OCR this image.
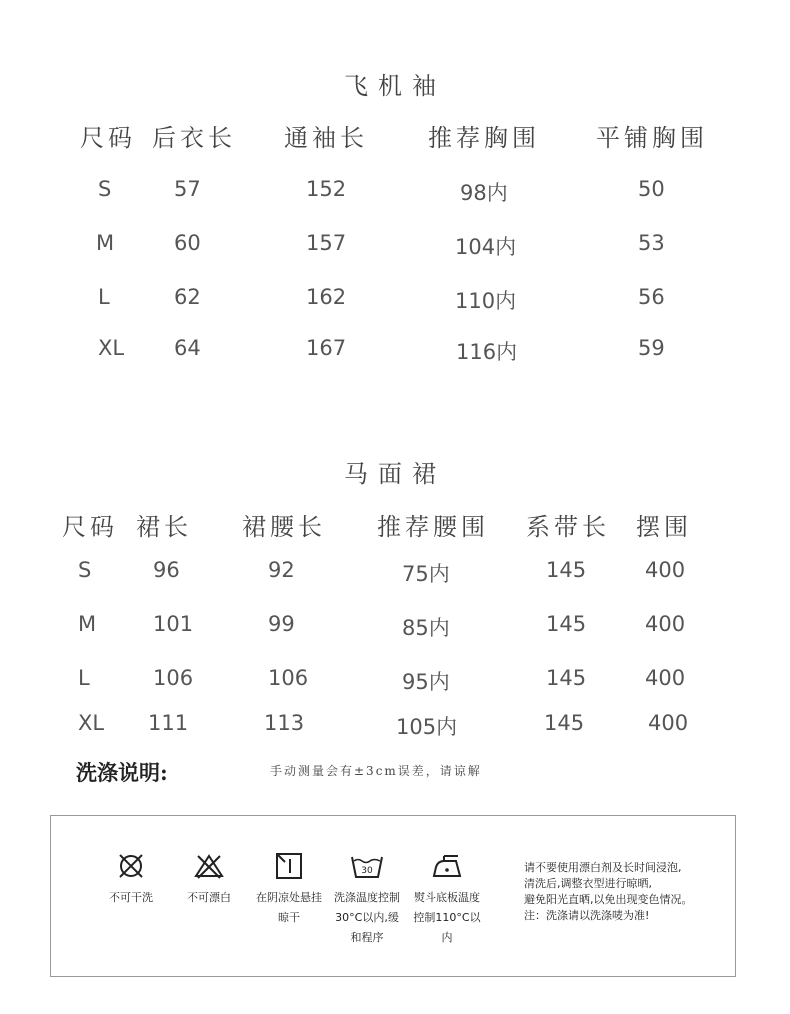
飞机袖
尺码 后衣长 通袖长	推荐胸围 平铺胸围
S	57	152	98内	50
M	60	157	104内	53
L	62	162	110内	56
XL 64	167	116内	59
马面裙
尺码 裙长 裙腰长 推荐腰围 系带长 摆围
S	96	92	75内	145	400
M	101	99	85内	145	400
L	106	106	95内	145	400
XL 111	113	105内	145	400
洗涤说明:	手动测量会有±3cm误差，请谅解
不可干洗	不可漂白	在阴凉处悬挂
晾干
30
洗涤温度控制
30°C以内,缓
和程序
熨斗底板温度
控制110°C以
内
请不要使用漂白剂及长时间浸泡,
清洗后,调整衣型进行晾晒,
避免阳光直晒,以免出现变色情况。
注：洗涤请以洗涤唛为准!
